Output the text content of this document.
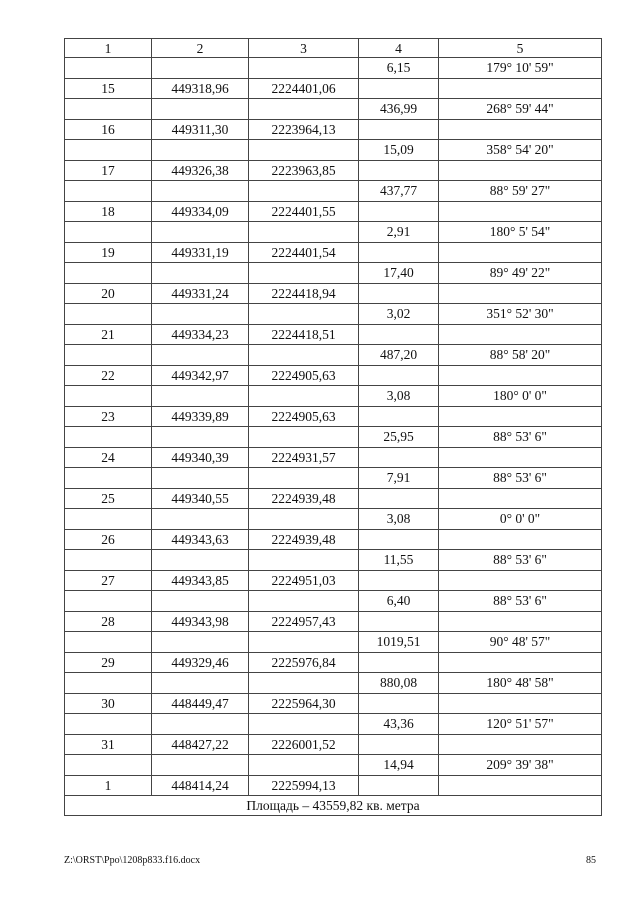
1	2	3	4	5
			6,15	179° 10' 59"
15	449318,96	2224401,06		
			436,99	268° 59' 44"
16	449311,30	2223964,13		
			15,09	358° 54' 20"
17	449326,38	2223963,85		
			437,77	88° 59' 27"
18	449334,09	2224401,55		
			2,91	180° 5' 54"
19	449331,19	2224401,54		
			17,40	89° 49' 22"
20	449331,24	2224418,94		
			3,02	351° 52' 30"
21	449334,23	2224418,51		
			487,20	88° 58' 20"
22	449342,97	2224905,63		
			3,08	180° 0' 0"
23	449339,89	2224905,63		
			25,95	88° 53' 6"
24	449340,39	2224931,57		
			7,91	88° 53' 6"
25	449340,55	2224939,48		
			3,08	0° 0' 0"
26	449343,63	2224939,48		
			11,55	88° 53' 6"
27	449343,85	2224951,03		
			6,40	88° 53' 6"
28	449343,98	2224957,43		
			1019,51	90° 48' 57"
29	449329,46	2225976,84		
			880,08	180° 48' 58"
30	448449,47	2225964,30		
			43,36	120° 51' 57"
31	448427,22	2226001,52		
			14,94	209° 39' 38"
1	448414,24	2225994,13		
Площадь – 43559,82 кв. метра				
Z:\ORST\Ppo\1208p833.f16.docx	85
